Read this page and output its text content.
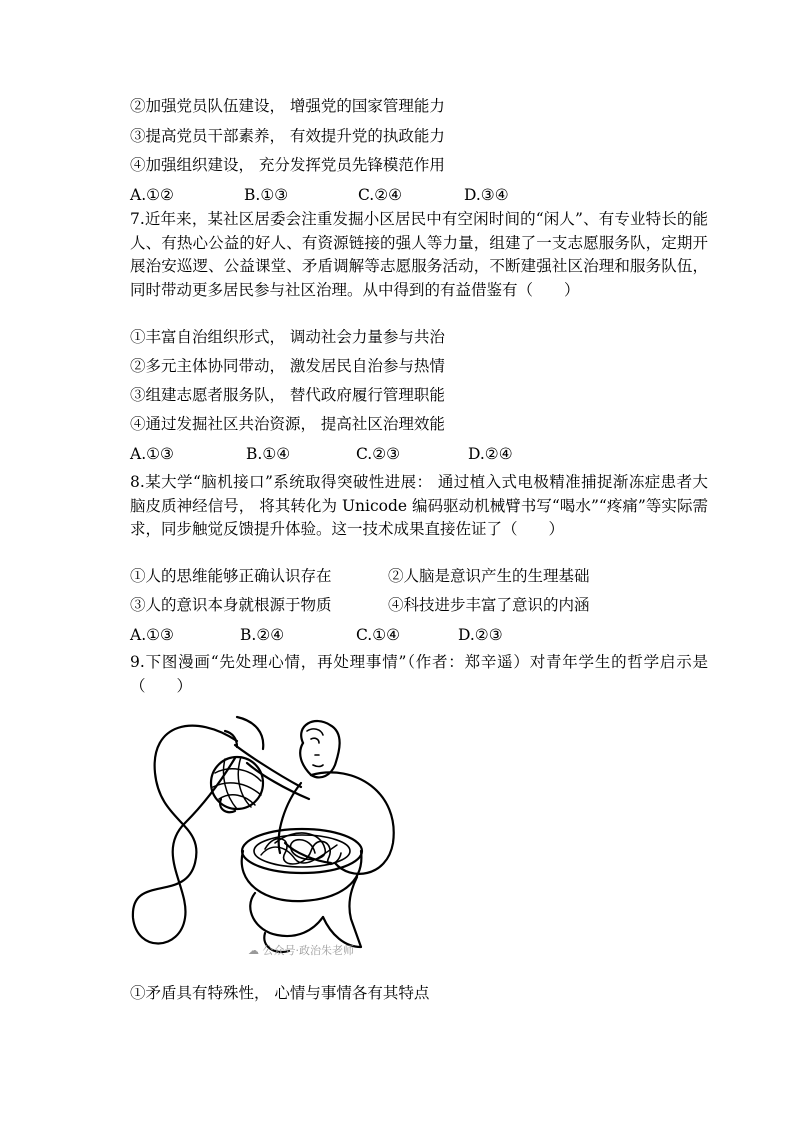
②加强党员队伍建设， 增强党的国家管理能力
③提高党员干部素养， 有效提升党的执政能力
④加强组织建设， 充分发挥党员先锋模范作用
A.①②	B.①③	C.②④	D.③④
7.近年来，某社区居委会注重发掘小区居民中有空闲时间的“闲人”、有专业特长的能人、有热心公益的好人、有资源链接的强人等力量，组建了一支志愿服务队，定期开展治安巡逻、公益课堂、矛盾调解等志愿服务活动，不断建强社区治理和服务队伍，同时带动更多居民参与社区治理。从中得到的有益借鉴有（　　）
①丰富自治组织形式， 调动社会力量参与共治
②多元主体协同带动， 激发居民自治参与热情
③组建志愿者服务队， 替代政府履行管理职能
④通过发掘社区共治资源， 提高社区治理效能
A.①③	B.①④	C.②③	D.②④
8.某大学“脑机接口”系统取得突破性进展： 通过植入式电极精准捕捉渐冻症患者大脑皮质神经信号， 将其转化为 Unicode 编码驱动机械臂书写“喝水”“疼痛”等实际需求，同步触觉反馈提升体验。这一技术成果直接佐证了（　　）
①人的思维能够正确认识存在	②人脑是意识产生的生理基础
③人的意识本身就根源于物质	④科技进步丰富了意识的内涵
A.①③	B.②④	C.①④	D.②③
9.下图漫画“先处理心情，再处理事情”（作者：郑辛遥）对青年学生的哲学启示是（　　）
☁ 公众号·政治朱老师
①矛盾具有特殊性， 心情与事情各有其特点
